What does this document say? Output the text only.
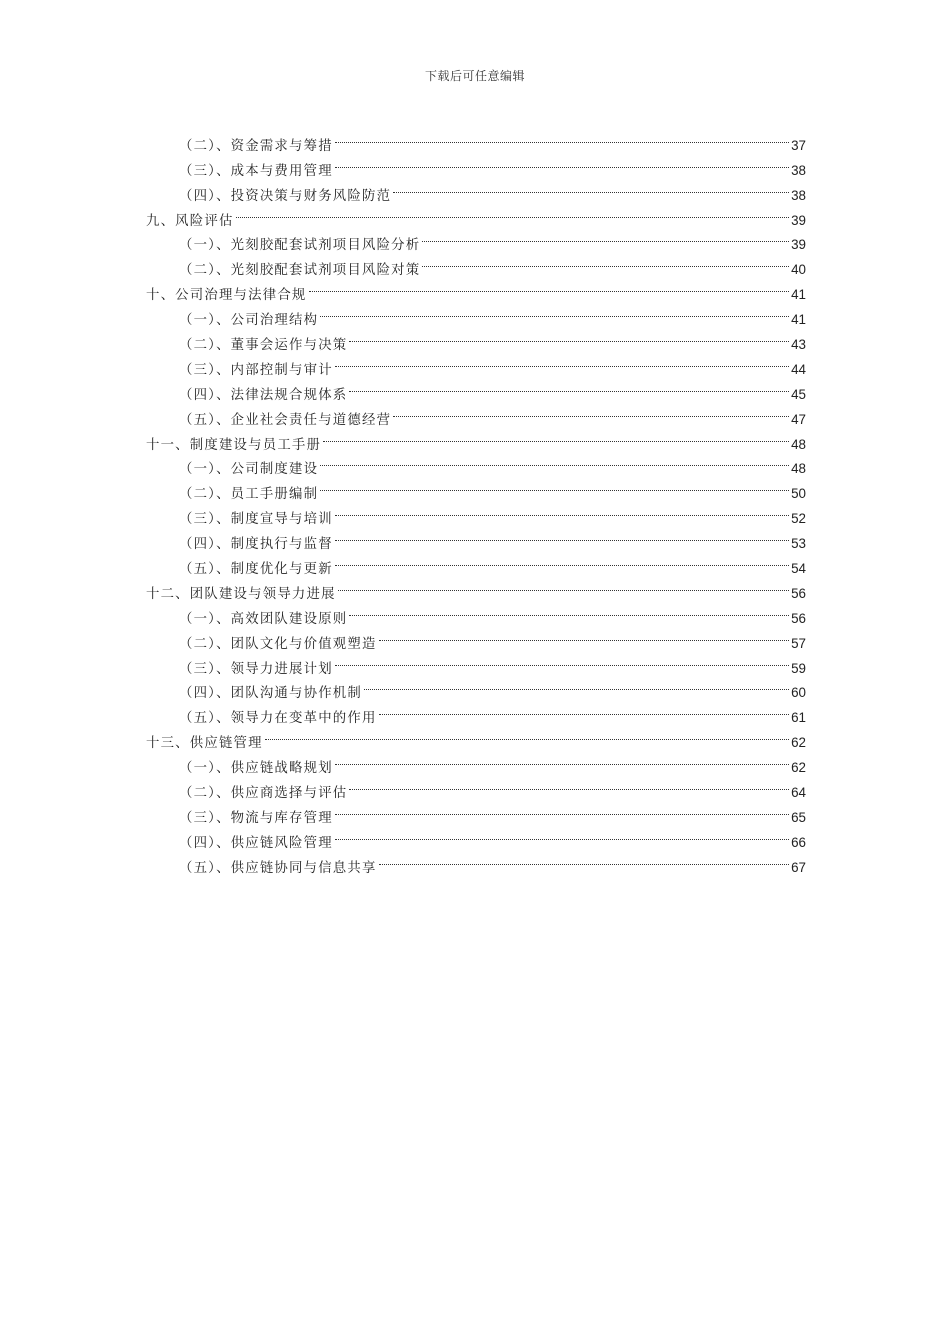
下载后可任意编辑
（二）、资金需求与筹措	37
（三）、成本与费用管理	38
（四）、投资决策与财务风险防范	38
九、风险评估	39
（一）、光刻胶配套试剂项目风险分析	39
（二）、光刻胶配套试剂项目风险对策	40
十、公司治理与法律合规	41
（一）、公司治理结构	41
（二）、董事会运作与决策	43
（三）、内部控制与审计	44
（四）、法律法规合规体系	45
（五）、企业社会责任与道德经营	47
十一、制度建设与员工手册	48
（一）、公司制度建设	48
（二）、员工手册编制	50
（三）、制度宣导与培训	52
（四）、制度执行与监督	53
（五）、制度优化与更新	54
十二、团队建设与领导力进展	56
（一）、高效团队建设原则	56
（二）、团队文化与价值观塑造	57
（三）、领导力进展计划	59
（四）、团队沟通与协作机制	60
（五）、领导力在变革中的作用	61
十三、供应链管理	62
（一）、供应链战略规划	62
（二）、供应商选择与评估	64
（三）、物流与库存管理	65
（四）、供应链风险管理	66
（五）、供应链协同与信息共享	67
